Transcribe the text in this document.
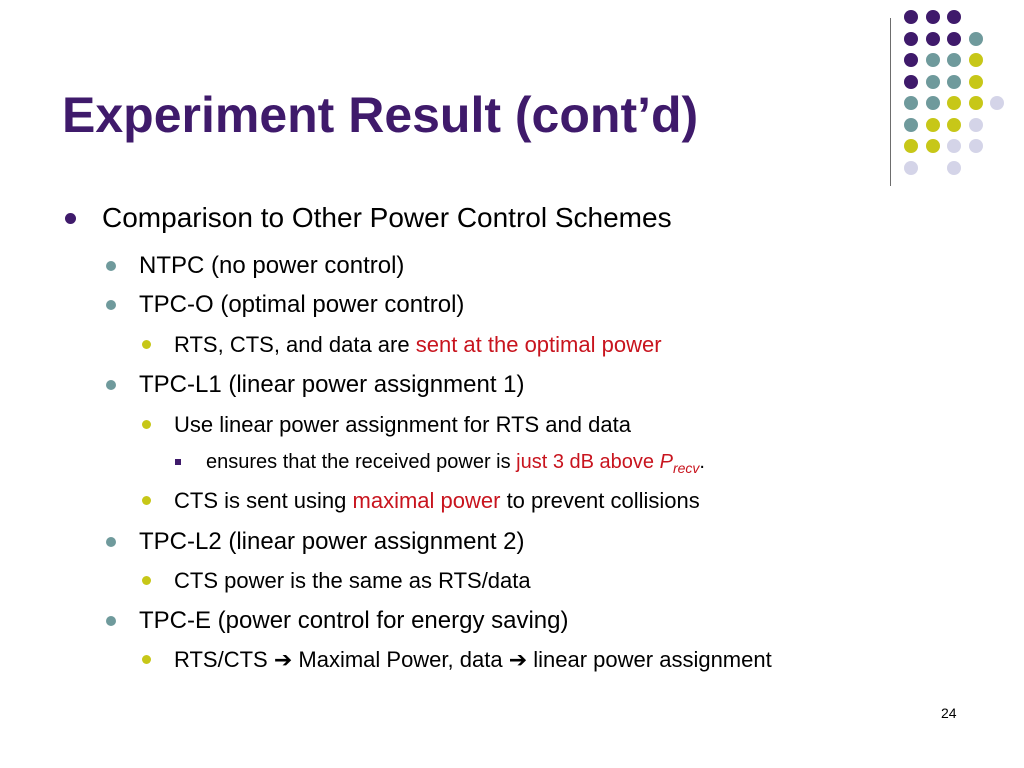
Experiment Result (cont’d)
Comparison to Other Power Control Schemes
NTPC (no power control)
TPC-O (optimal power control)
RTS, CTS, and data are sent at the optimal power
TPC-L1 (linear power assignment 1)
Use linear power assignment for RTS and data
ensures that the received power is just 3 dB above $P_{recv}$.
CTS is sent using maximal power to prevent collisions
TPC-L2 (linear power assignment 2)
CTS power is the same as RTS/data
TPC-E (power control for energy saving)
RTS/CTS ➔ Maximal Power, data ➔ linear power assignment
24
